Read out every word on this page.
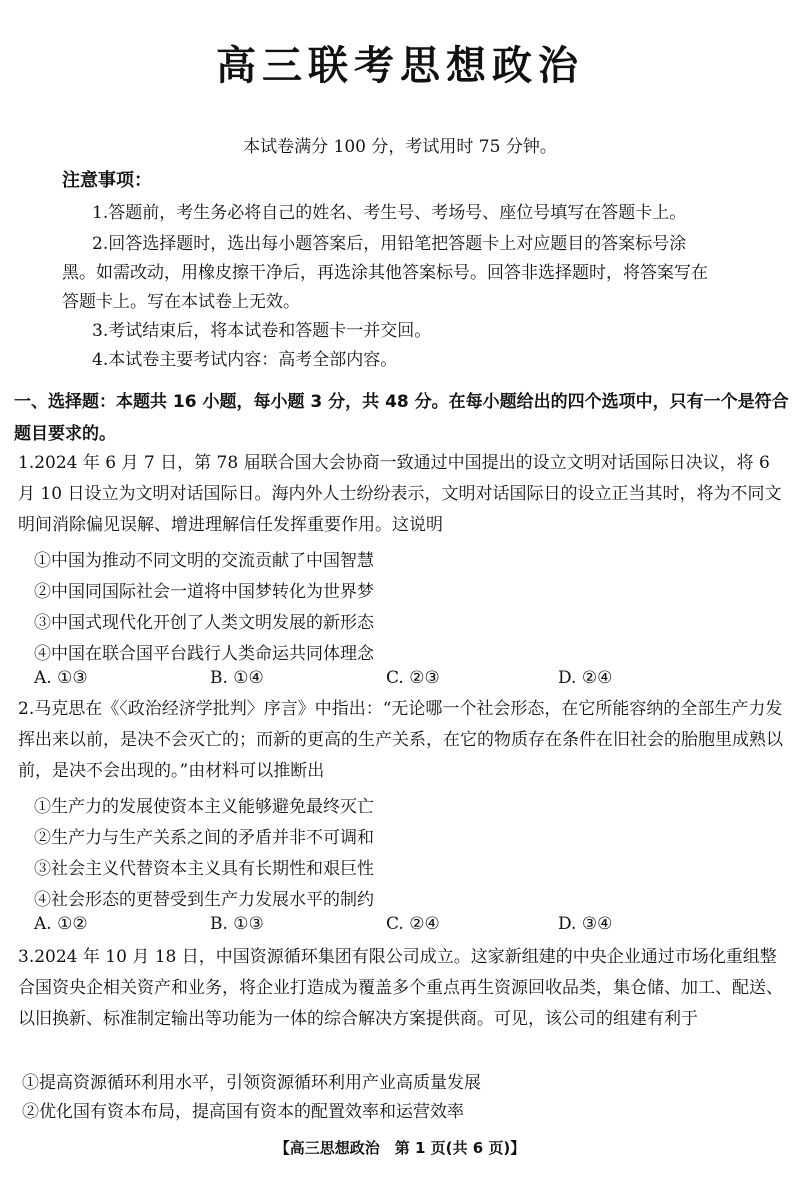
高三联考思想政治
本试卷满分 100 分，考试用时 75 分钟。
注意事项：
1.答题前，考生务必将自己的姓名、考生号、考场号、座位号填写在答题卡上。
2.回答选择题时，选出每小题答案后，用铅笔把答题卡上对应题目的答案标号涂
黑。如需改动，用橡皮擦干净后，再选涂其他答案标号。回答非选择题时，将答案写在
答题卡上。写在本试卷上无效。
3.考试结束后，将本试卷和答题卡一并交回。
4.本试卷主要考试内容：高考全部内容。
一、选择题：本题共 16 小题，每小题 3 分，共 48 分。在每小题给出的四个选项中，只有一个是符合题目要求的。
1.2024 年 6 月 7 日，第 78 届联合国大会协商一致通过中国提出的设立文明对话国际日决议，将 6 月 10 日设立为文明对话国际日。海内外人士纷纷表示，文明对话国际日的设立正当其时，将为不同文明间消除偏见误解、增进理解信任发挥重要作用。这说明
①中国为推动不同文明的交流贡献了中国智慧
②中国同国际社会一道将中国梦转化为世界梦
③中国式现代化开创了人类文明发展的新形态
④中国在联合国平台践行人类命运共同体理念
A. ①③	B. ①④	C. ②③	D. ②④
2.马克思在《〈政治经济学批判〉序言》中指出：“无论哪一个社会形态，在它所能容纳的全部生产力发挥出来以前，是决不会灭亡的；而新的更高的生产关系，在它的物质存在条件在旧社会的胎胞里成熟以前，是决不会出现的。”由材料可以推断出
①生产力的发展使资本主义能够避免最终灭亡
②生产力与生产关系之间的矛盾并非不可调和
③社会主义代替资本主义具有长期性和艰巨性
④社会形态的更替受到生产力发展水平的制约
A. ①②	B. ①③	C. ②④	D. ③④
3.2024 年 10 月 18 日，中国资源循环集团有限公司成立。这家新组建的中央企业通过市场化重组整合国资央企相关资产和业务，将企业打造成为覆盖多个重点再生资源回收品类，集仓储、加工、配送、以旧换新、标准制定输出等功能为一体的综合解决方案提供商。可见，该公司的组建有利于
①提高资源循环利用水平，引领资源循环利用产业高质量发展
②优化国有资本布局，提高国有资本的配置效率和运营效率
【高三思想政治　第 1 页(共 6 页)】
